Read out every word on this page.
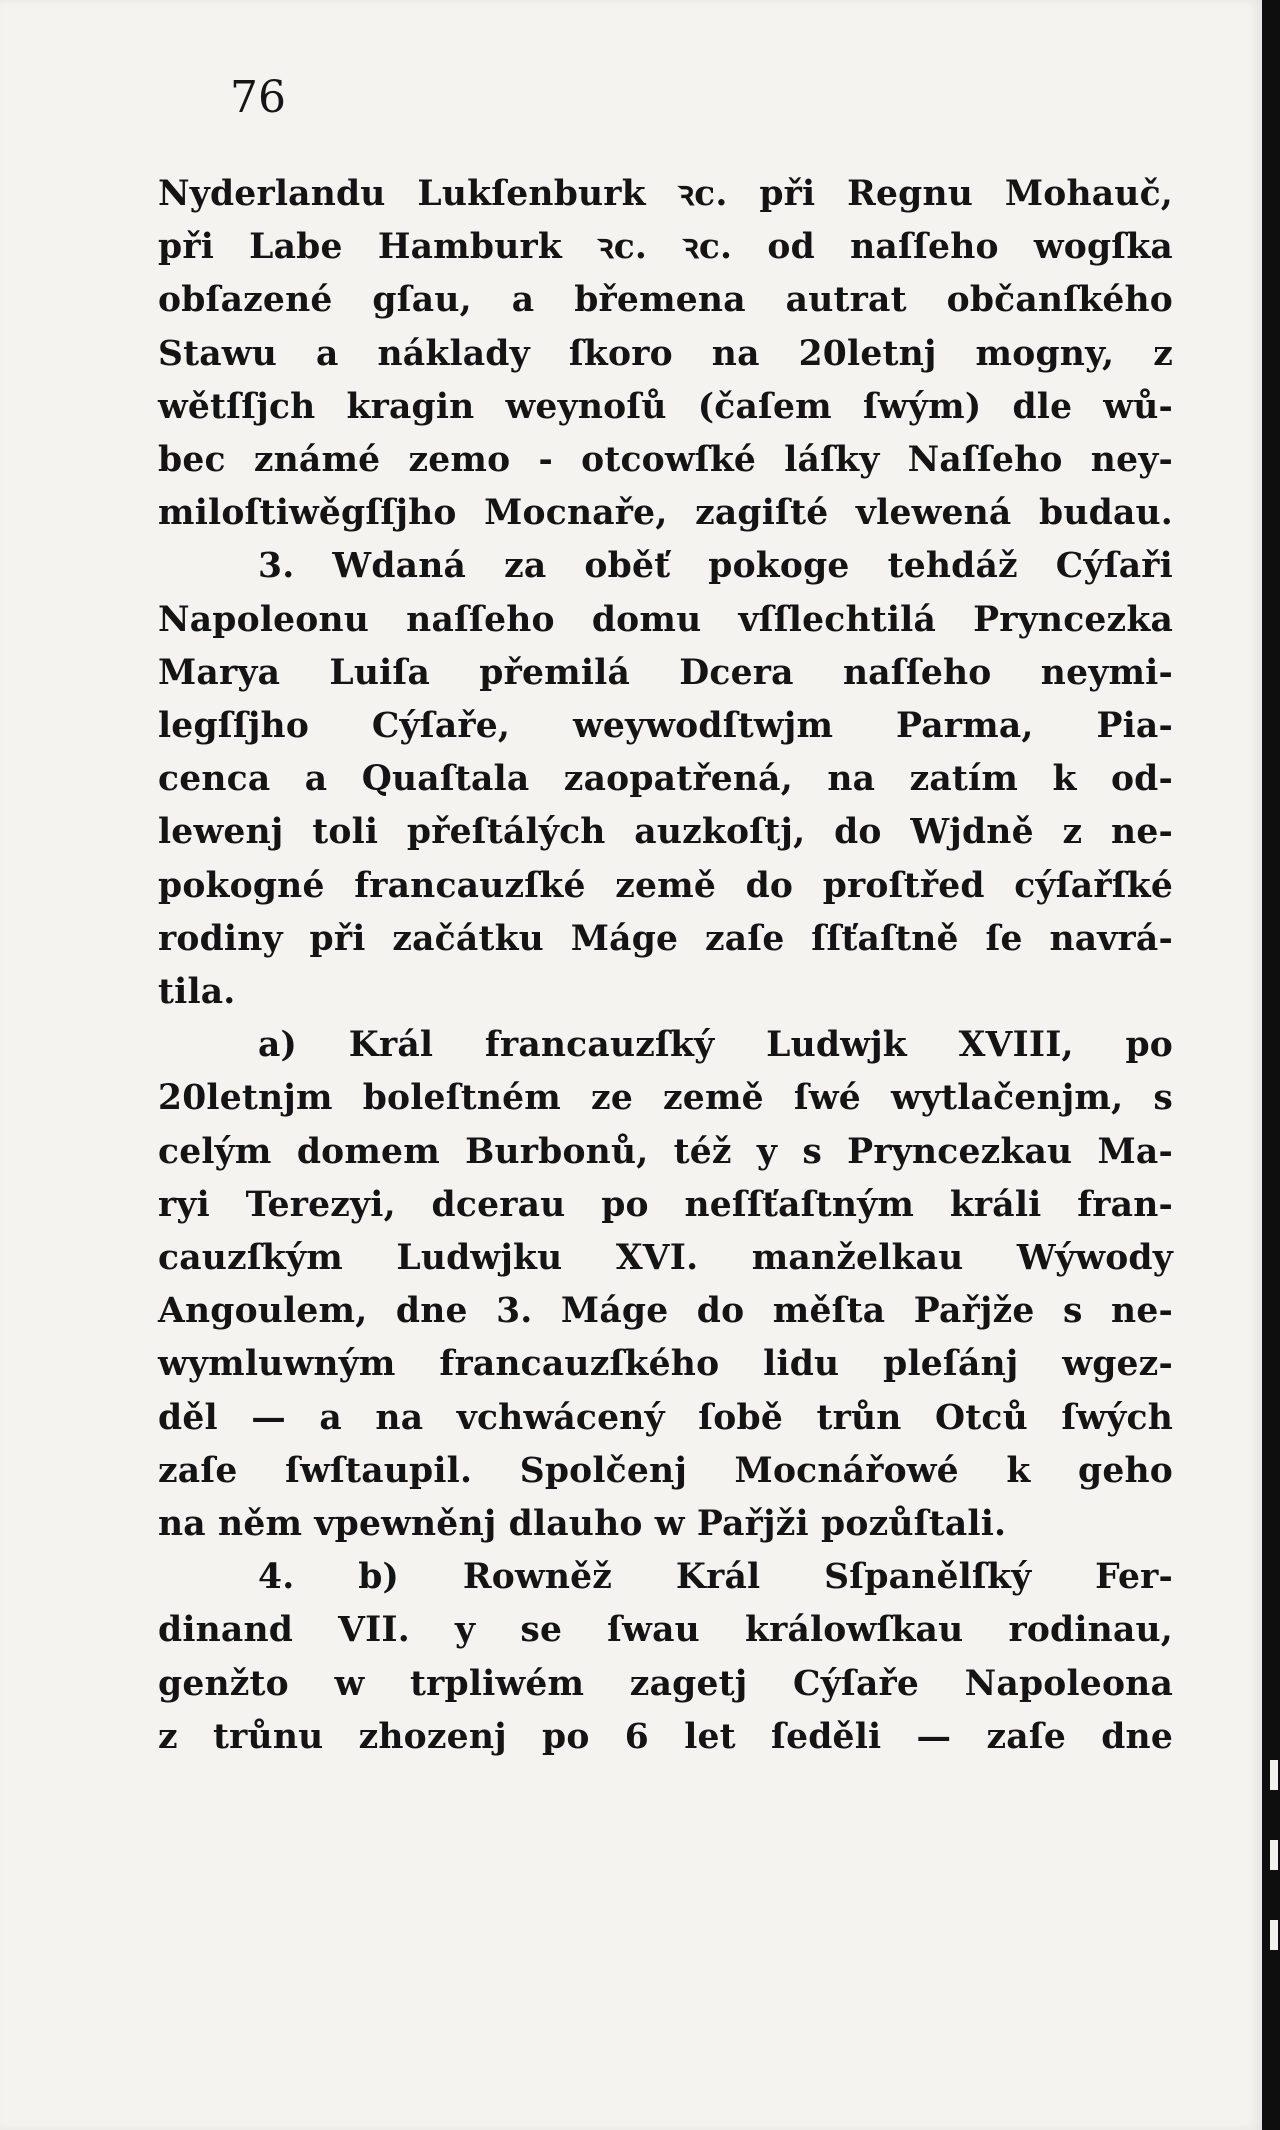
76

Nyderlandu Lukſenburk ꝛc. při Regnu Mohauč,
při Labe Hamburk ꝛc. ꝛc. od naſſeho wogſka
obſazené gſau, a břemena autrat občanſkého
Stawu a náklady ſkoro na 20letnj mogny, z
wětſſjch kragin weynoſů (čaſem ſwým) dle wů-
bec známé zemo - otcowſké láſky Naſſeho ney-
miloſtiwěgſſjho Mocnaře, zagiſté vlewená budau.

3. Wdaná za oběť pokoge tehdáž Cýſaři
Napoleonu naſſeho domu vſſlechtilá Pryncezka
Marya Luiſa přemilá Dcera naſſeho neymi-
legſſjho Cýſaře, weywodſtwjm Parma, Pia-
cenca a Quaſtala zaopatřená, na zatím k od-
lewenj toli přeſtálých auzkoſtj, do Wjdně z ne-
pokogné francauzſké země do proſtřed cýſařſké
rodiny při začátku Máge zaſe ſſťaſtně ſe navrá-
tila.

a) Král francauzſký Ludwjk XVIII, po
20letnjm boleſtném ze země ſwé wytlačenjm, s
celým domem Burbonů, též y s Pryncezkau Ma-
ryi Terezyi, dcerau po neſſťaſtným králi fran-
cauzſkým Ludwjku XVI. manželkau Wýwody
Angoulem, dne 3. Máge do měſta Pařjže s ne-
wymluwným francauzſkého lidu pleſánj wgez-
děl — a na vchwácený ſobě trůn Otců ſwých
zaſe ſwſtaupil. Spolčenj Mocnářowé k geho
na něm vpewněnj dlauho w Pařjži pozůſtali.

4. b) Rowněž Král Sſpanělſký Fer-
dinand VII. y se ſwau králowſkau rodinau,
genžto w trpliwém zagetj Cýſaře Napoleona
z trůnu zhozenj po 6 let ſeděli — zaſe dne
